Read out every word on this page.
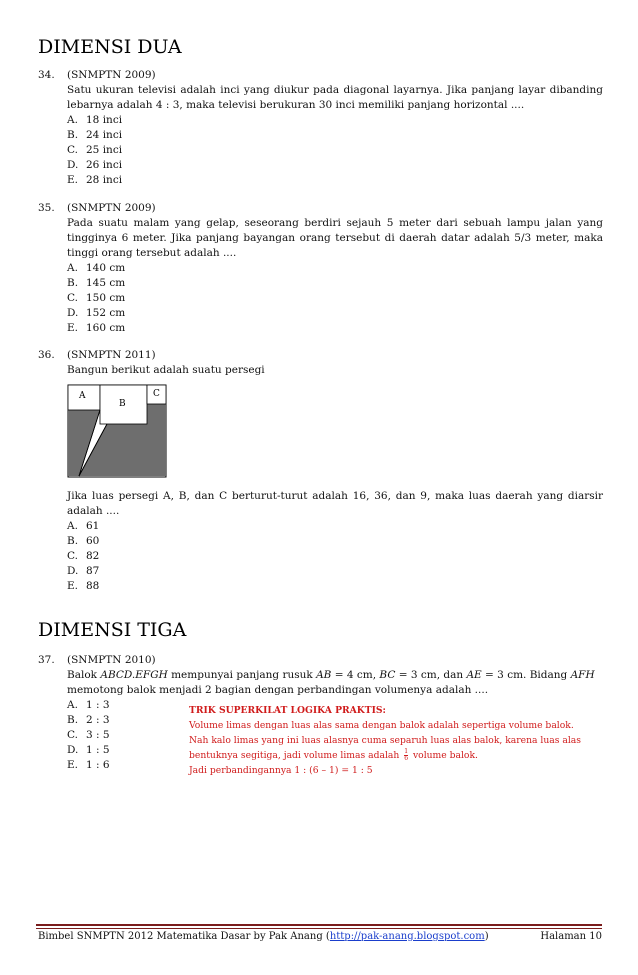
DIMENSI DUA
34.	(SNMPTN 2009)
Satu ukuran televisi adalah inci yang diukur pada diagonal layarnya. Jika panjang layar dibanding lebarnya adalah 4 : 3, maka televisi berukuran 30 inci memiliki panjang horizontal ....
A. 18 inci
B. 24 inci
C. 25 inci
D. 26 inci
E. 28 inci
35.	(SNMPTN 2009)
Pada suatu malam yang gelap, seseorang berdiri sejauh 5 meter dari sebuah lampu jalan yang tingginya 6 meter. Jika panjang bayangan orang tersebut di daerah datar adalah 5/3 meter, maka tinggi orang tersebut adalah ....
A. 140 cm
B. 145 cm
C. 150 cm
D. 152 cm
E. 160 cm
36.	(SNMPTN 2011)
Bangun berikut adalah suatu persegi
A
B
C
Jika luas persegi A, B, dan C berturut-turut adalah 16, 36, dan 9, maka luas daerah yang diarsir adalah ....
A. 61
B. 60
C. 82
D. 87
E. 88
DIMENSI TIGA
37.	(SNMPTN 2010)
Balok ABCD.EFGH mempunyai panjang rusuk AB = 4 cm, BC = 3 cm, dan AE = 3 cm. Bidang AFH
memotong balok menjadi 2 bagian dengan perbandingan volumenya adalah ....
A. 1 : 3
B. 2 : 3
C. 3 : 5
D. 1 : 5
E. 1 : 6
TRIK SUPERKILAT LOGIKA PRAKTIS:
Volume limas dengan luas alas sama dengan balok adalah sepertiga volume balok.
Nah kalo limas yang ini luas alasnya cuma separuh luas alas balok, karena luas alas
bentuknya segitiga, jadi volume limas adalah $\frac{1}{6}$ volume balok.
Jadi perbandingannya 1 : (6 – 1) = 1 : 5
Bimbel SNMPTN 2012 Matematika Dasar by Pak Anang (http://pak-anang.blogspot.com)	Halaman 10
